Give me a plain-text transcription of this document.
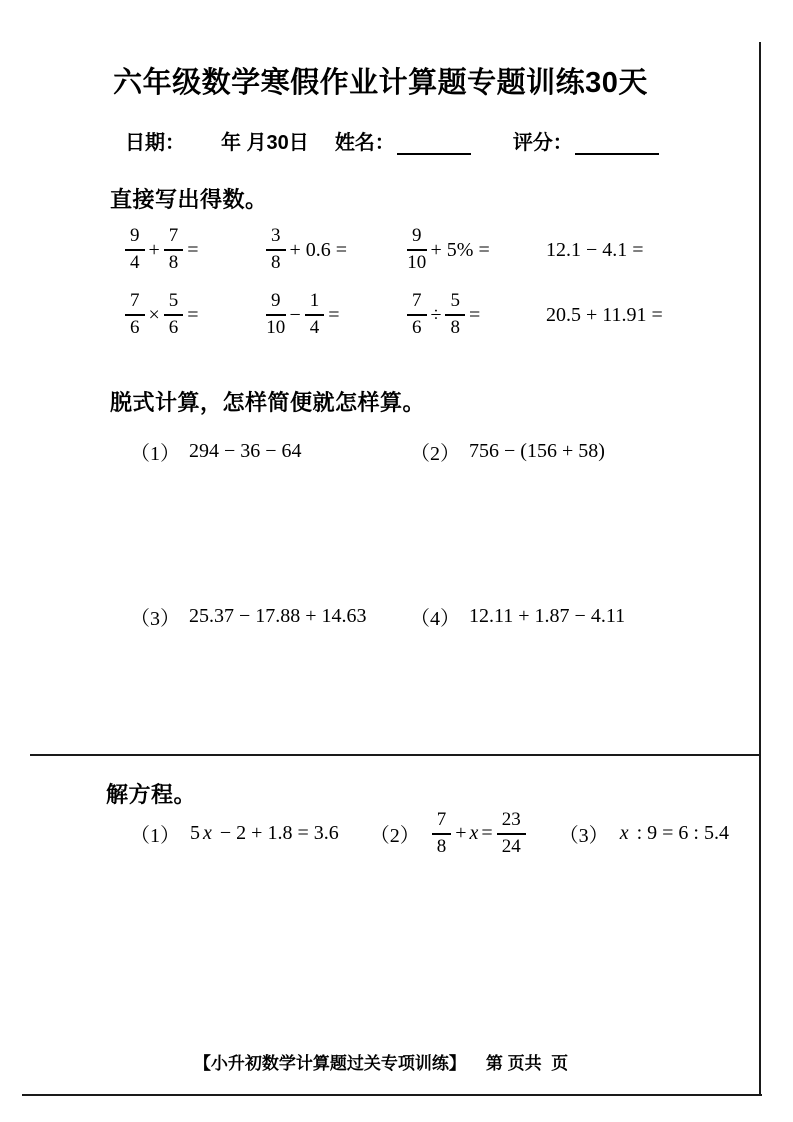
六年级数学寒假作业计算题专题训练30天
日期： 年 月30日 姓名：	评分：
直接写出得数。
$\frac{9}{4} + \frac{7}{8}$ =	$\frac{3}{8} + 0.6$ =	$\frac{9}{10} + 5\%$ =	12.1 − 4.1 =
$\frac{7}{6} \times \frac{5}{6}$ =	$\frac{9}{10} - \frac{1}{4}$ =	$\frac{7}{6} \div \frac{5}{8}$ =	20.5 + 11.91 =
脱式计算，怎样简便就怎样算。
（1） 294 − 36 − 64	（2） 756 − (156 + 58)
（3） 25.37 − 17.88 + 14.63 （4） 12.11 + 1.87 − 4.11
解方程。
（1） 5 x − 2 + 1.8 = 3.6 $(2) \frac{7}{8} + x = \frac{23}{24} (3)$ x : 9 = 6 : 5.4
【小升初数学计算题过关专项训练】 第 页共  页
